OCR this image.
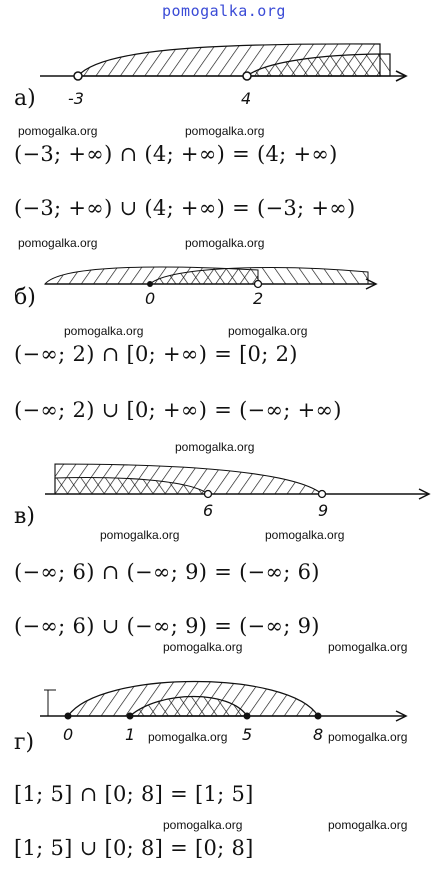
pomogalka.org
а) -3	4
pomogalka.org	pomogalka.org
(−3; +∞) ∩ (4; +∞) = (4; +∞)
(−3; +∞) ∪ (4; +∞) = (−3; +∞)
pomogalka.org	pomogalka.org
б)	0	2
pomogalka.org	pomogalka.org
(−∞; 2) ∩ [0; +∞) = [0; 2)
(−∞; 2) ∪ [0; +∞) = (−∞; +∞)
pomogalka.org
в)	6	9
pomogalka.org	pomogalka.org
(−∞; 6) ∩ (−∞; 9) = (−∞; 6)
(−∞; 6) ∪ (−∞; 9) = (−∞; 9)
pomogalka.org	pomogalka.org
г) 0	1	5	8
pomogalka.org	pomogalka.org
[1; 5] ∩ [0; 8] = [1; 5]
pomogalka.org	pomogalka.org
[1; 5] ∪ [0; 8] = [0; 8]
